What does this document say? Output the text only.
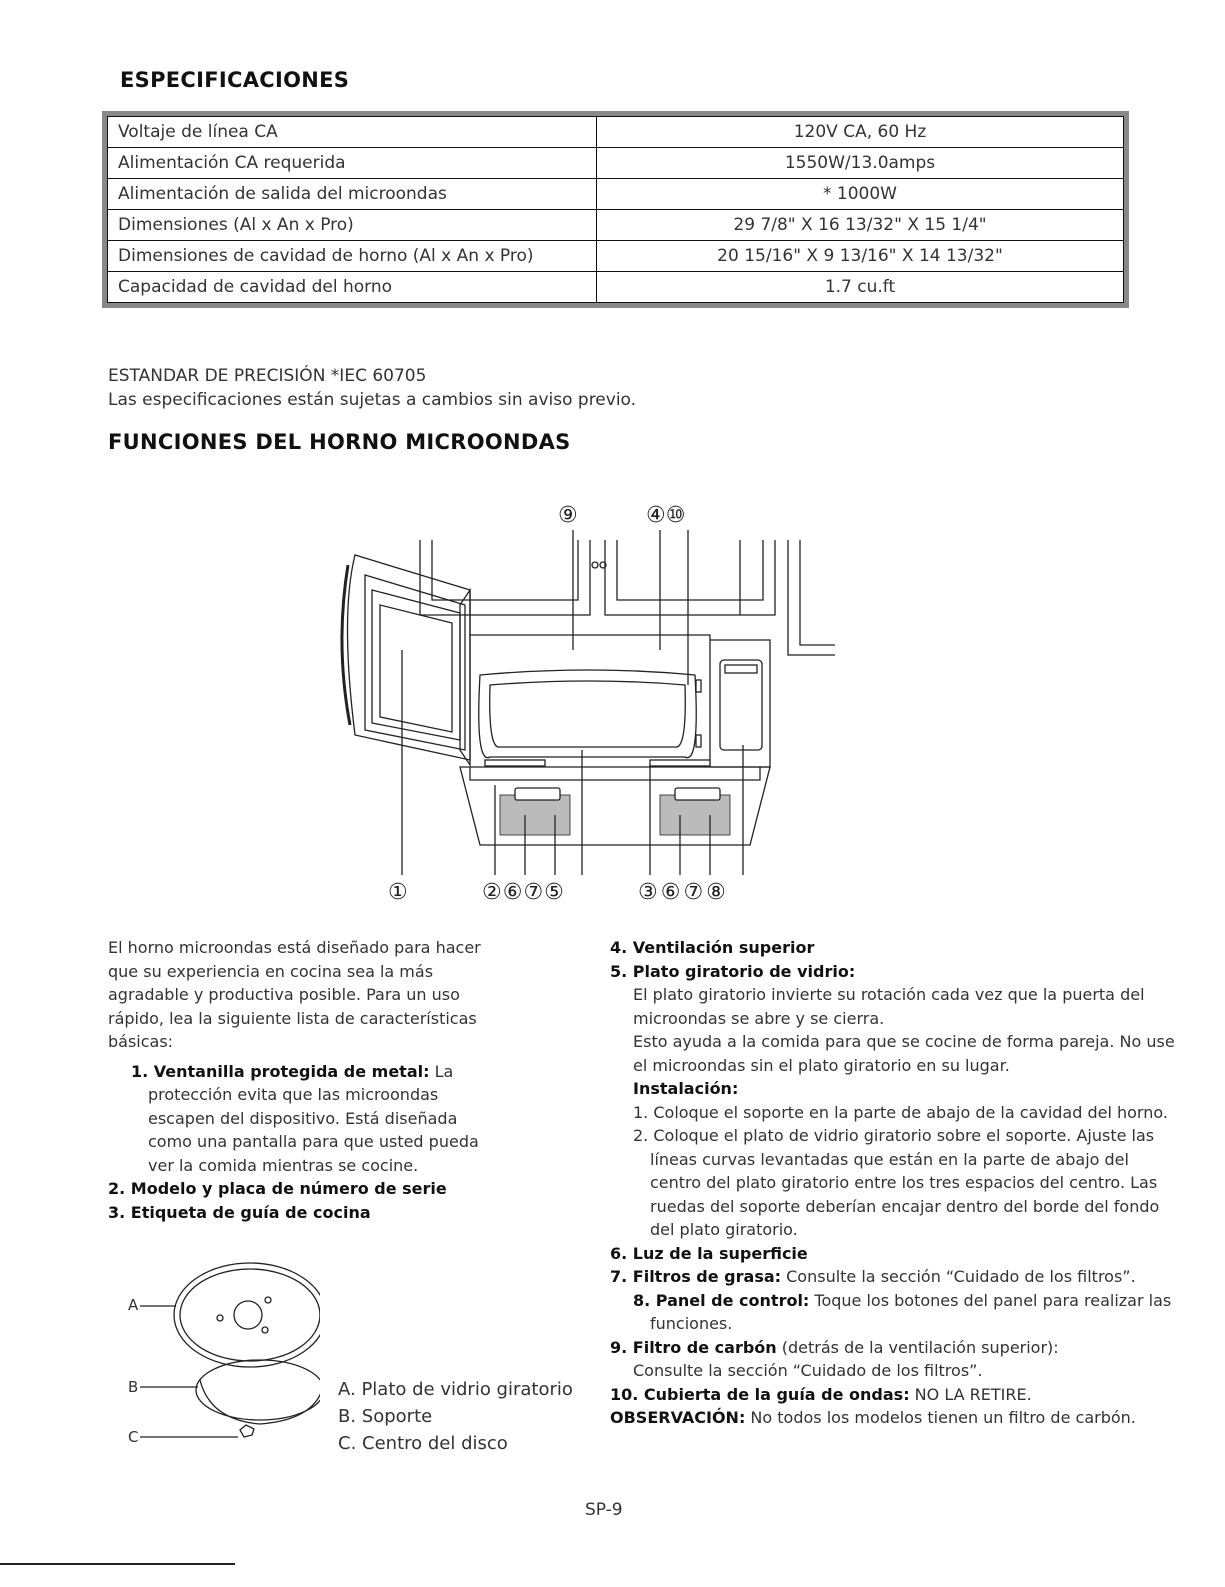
ESPECIFICACIONES
Voltaje de línea CA	120V CA, 60 Hz
Alimentación CA requerida	1550W/13.0amps
Alimentación de salida del microondas	* 1000W
Dimensiones (Al x An x Pro)	29 7/8" X 16 13/32" X 15 1/4"
Dimensiones de cavidad de horno (Al x An x Pro)	20 15/16" X 9 13/16" X 14 13/32"
Capacidad de cavidad del horno	1.7 cu.ft
ESTANDAR DE PRECISIÓN *IEC 60705
Las especificaciones están sujetas a cambios sin aviso previo.
FUNCIONES DEL HORNO MICROONDAS
⑨	④⑩
①	②⑥⑦⑤	③⑥⑦⑧
El horno microondas está diseñado para hacer que su experiencia en cocina sea la más agradable y productiva posible. Para un uso rápido, lea la siguiente lista de características básicas:
1. Ventanilla protegida de metal: La protección evita que las microondas escapen del dispositivo. Está diseñada como una pantalla para que usted pueda ver la comida mientras se cocine.
2. Modelo y placa de número de serie
3. Etiqueta de guía de cocina
A
B
C
A. Plato de vidrio giratorio
B. Soporte
C. Centro del disco
4. Ventilación superior
5. Plato giratorio de vidrio:
El plato giratorio invierte su rotación cada vez que la puerta del microondas se abre y se cierra.
Esto ayuda a la comida para que se cocine de forma pareja. No use el microondas sin el plato giratorio en su lugar.
Instalación:
1. Coloque el soporte en la parte de abajo de la cavidad del horno.
2. Coloque el plato de vidrio giratorio sobre el soporte. Ajuste las líneas curvas levantadas que están en la parte de abajo del centro del plato giratorio entre los tres espacios del centro. Las ruedas del soporte deberían encajar dentro del borde del fondo del plato giratorio.
6. Luz de la superficie
7. Filtros de grasa: Consulte la sección “Cuidado de los filtros”.
8. Panel de control: Toque los botones del panel para realizar las funciones.
9. Filtro de carbón (detrás de la ventilación superior):
Consulte la sección “Cuidado de los filtros”.
10. Cubierta de la guía de ondas: NO LA RETIRE.
OBSERVACIÓN: No todos los modelos tienen un filtro de carbón.
SP-9
